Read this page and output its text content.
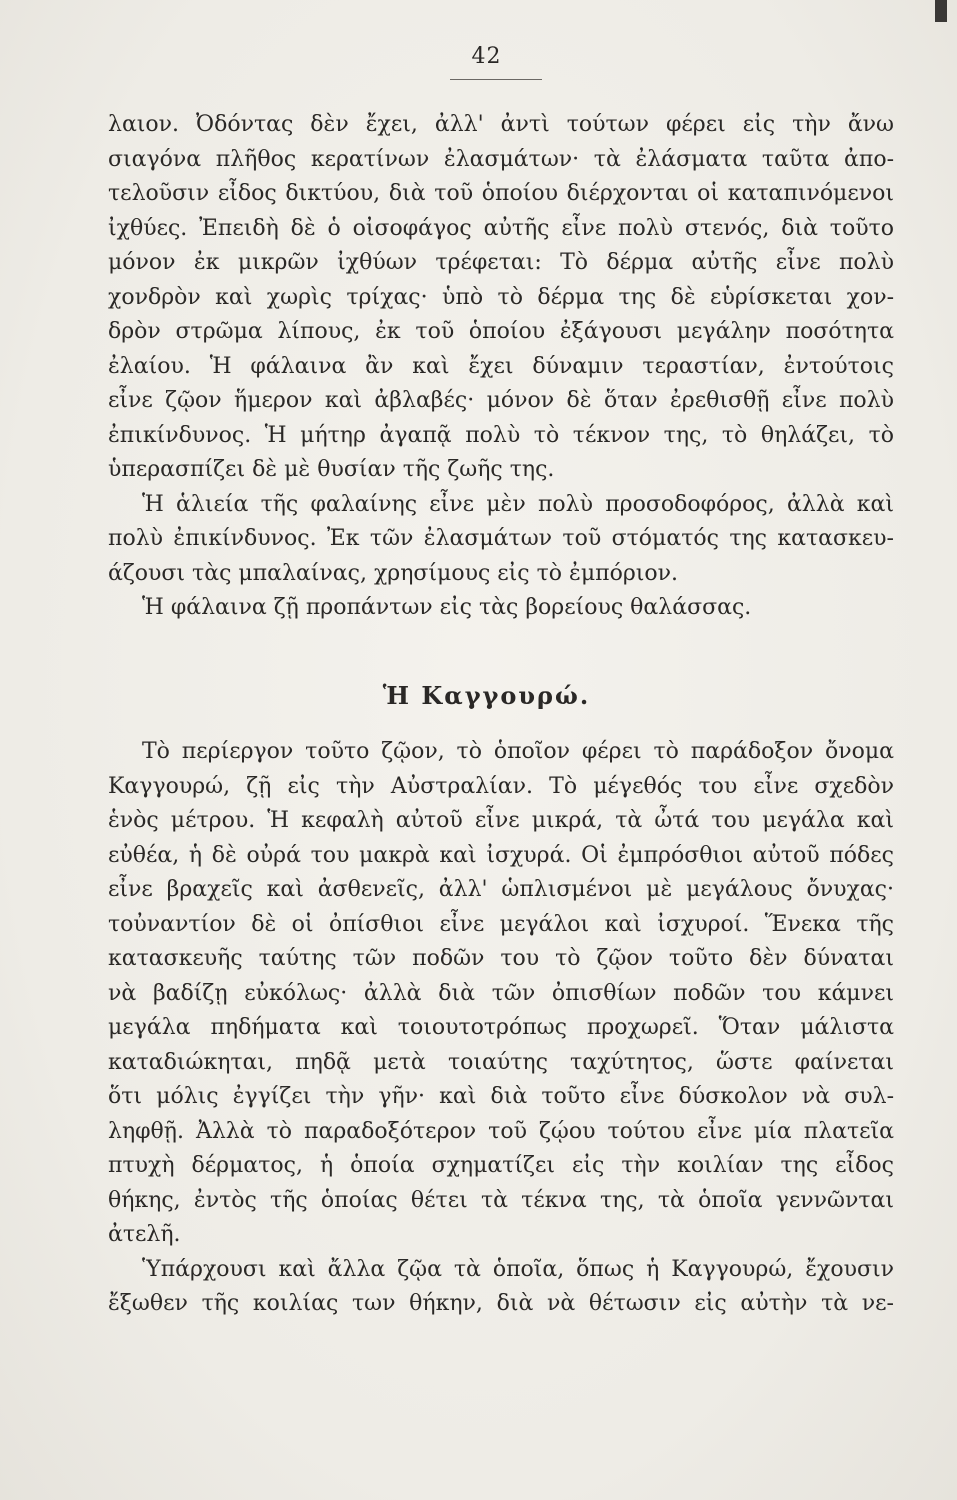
42
λαιον. Ὀδόντας δὲν ἔχει, ἀλλ' ἀντὶ τούτων φέρει εἰς τὴν ἄνω
σιαγόνα πλῆθος κερατίνων ἐλασμάτων· τὰ ἐλάσματα ταῦτα ἀπο-
τελοῦσιν εἶδος δικτύου, διὰ τοῦ ὁποίου διέρχονται οἱ καταπινόμενοι
ἰχθύες. Ἐπειδὴ δὲ ὁ οἰσοφάγος αὐτῆς εἶνε πολὺ στενός, διὰ τοῦτο
μόνον ἐκ μικρῶν ἰχθύων τρέφεται: Τὸ δέρμα αὐτῆς εἶνε πολὺ
χονδρὸν καὶ χωρὶς τρίχας· ὑπὸ τὸ δέρμα της δὲ εὑρίσκεται χον-
δρὸν στρῶμα λίπους, ἐκ τοῦ ὁποίου ἐξάγουσι μεγάλην ποσότητα
ἐλαίου. Ἡ φάλαινα ἂν καὶ ἔχει δύναμιν τεραστίαν, ἐντούτοις
εἶνε ζῷον ἥμερον καὶ ἀβλαβές· μόνον δὲ ὅταν ἐρεθισθῇ εἶνε πολὺ
ἐπικίνδυνος. Ἡ μήτηρ ἀγαπᾷ πολὺ τὸ τέκνον της, τὸ θηλάζει, τὸ
ὑπερασπίζει δὲ μὲ θυσίαν τῆς ζωῆς της.
Ἡ ἁλιεία τῆς φαλαίνης εἶνε μὲν πολὺ προσοδοφόρος, ἀλλὰ καὶ
πολὺ ἐπικίνδυνος. Ἐκ τῶν ἐλασμάτων τοῦ στόματός της κατασκευ-
άζουσι τὰς μπαλαίνας, χρησίμους εἰς τὸ ἐμπόριον.
Ἡ φάλαινα ζῇ προπάντων εἰς τὰς βορείους θαλάσσας.
Ἡ Καγγουρώ.
Τὸ περίεργον τοῦτο ζῷον, τὸ ὁποῖον φέρει τὸ παράδοξον ὄνομα
Καγγουρώ, ζῇ εἰς τὴν Αὐστραλίαν. Τὸ μέγεθός του εἶνε σχεδὸν
ἑνὸς μέτρου. Ἡ κεφαλὴ αὐτοῦ εἶνε μικρά, τὰ ὦτά του μεγάλα καὶ
εὐθέα, ἡ δὲ οὐρά του μακρὰ καὶ ἰσχυρά. Οἱ ἐμπρόσθιοι αὐτοῦ πόδες
εἶνε βραχεῖς καὶ ἀσθενεῖς, ἀλλ' ὡπλισμένοι μὲ μεγάλους ὄνυχας·
τοὐναντίον δὲ οἱ ὀπίσθιοι εἶνε μεγάλοι καὶ ἰσχυροί. Ἕνεκα τῆς
κατασκευῆς ταύτης τῶν ποδῶν του τὸ ζῷον τοῦτο δὲν δύναται
νὰ βαδίζῃ εὐκόλως· ἀλλὰ διὰ τῶν ὀπισθίων ποδῶν του κάμνει
μεγάλα πηδήματα καὶ τοιουτοτρόπως προχωρεῖ. Ὅταν μάλιστα
καταδιώκηται, πηδᾷ μετὰ τοιαύτης ταχύτητος, ὥστε φαίνεται
ὅτι μόλις ἐγγίζει τὴν γῆν· καὶ διὰ τοῦτο εἶνε δύσκολον νὰ συλ-
ληφθῇ. Ἀλλὰ τὸ παραδοξότερον τοῦ ζῴου τούτου εἶνε μία πλατεῖα
πτυχὴ δέρματος, ἡ ὁποία σχηματίζει εἰς τὴν κοιλίαν της εἶδος
θήκης, ἐντὸς τῆς ὁποίας θέτει τὰ τέκνα της, τὰ ὁποῖα γεννῶνται
ἀτελῆ.
Ὑπάρχουσι καὶ ἄλλα ζῷα τὰ ὁποῖα, ὅπως ἡ Καγγουρώ, ἔχουσιν
ἔξωθεν τῆς κοιλίας των θήκην, διὰ νὰ θέτωσιν εἰς αὐτὴν τὰ νε-
